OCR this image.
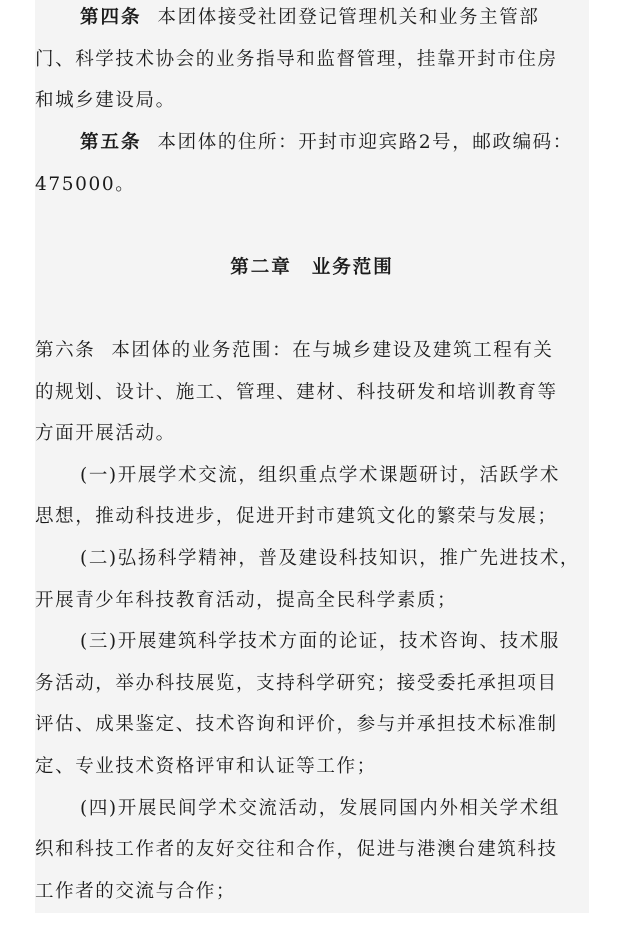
第四条 本团体接受社团登记管理机关和业务主管部
门、科学技术协会的业务指导和监督管理，挂靠开封市住房
和城乡建设局。
第五条 本团体的住所：开封市迎宾路2号，邮政编码：
475000。
第二章 业务范围
第六条 本团体的业务范围：在与城乡建设及建筑工程有关
的规划、设计、施工、管理、建材、科技研发和培训教育等
方面开展活动。
(一)开展学术交流，组织重点学术课题研讨，活跃学术
思想，推动科技进步，促进开封市建筑文化的繁荣与发展；
(二)弘扬科学精神，普及建设科技知识，推广先进技术，
开展青少年科技教育活动，提高全民科学素质；
(三)开展建筑科学技术方面的论证，技术咨询、技术服
务活动，举办科技展览，支持科学研究；接受委托承担项目
评估、成果鉴定、技术咨询和评价，参与并承担技术标准制
定、专业技术资格评审和认证等工作；
(四)开展民间学术交流活动，发展同国内外相关学术组
织和科技工作者的友好交往和合作，促进与港澳台建筑科技
工作者的交流与合作；
